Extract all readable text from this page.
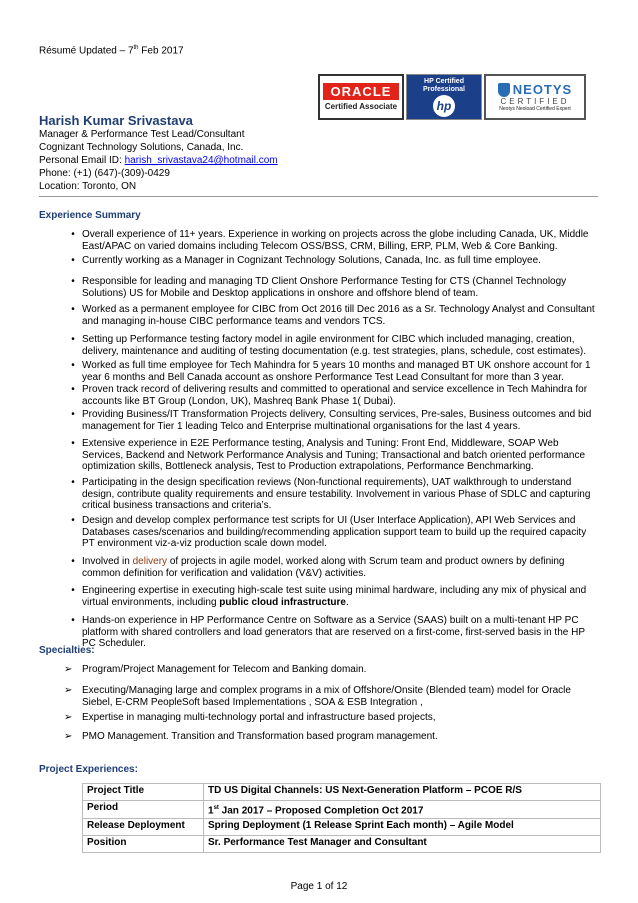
Résumé Updated – 7th Feb 2017
ORACLE
Certified Associate
HP Certified
Professional
hp
NEOTYS
CERTIFIED
Neotys Neoload Certified Expert
Harish Kumar Srivastava
Manager & Performance Test Lead/Consultant
Cognizant Technology Solutions, Canada, Inc.
Personal Email ID: harish_srivastava24@hotmail.com
Phone: (+1) (647)-(309)-0429
Location: Toronto, ON
Experience Summary
• Overall experience of 11+ years. Experience in working on projects across the globe including Canada, UK, Middle East/APAC on varied domains including Telecom OSS/BSS, CRM, Billing, ERP, PLM, Web & Core Banking.
• Currently working as a Manager in Cognizant Technology Solutions, Canada, Inc. as full time employee.
• Responsible for leading and managing TD Client Onshore Performance Testing for CTS (Channel Technology Solutions) US for Mobile and Desktop applications in onshore and offshore blend of team.
• Worked as a permanent employee for CIBC from Oct 2016 till Dec 2016 as a Sr. Technology Analyst and Consultant and managing in-house CIBC performance teams and vendors TCS.
• Setting up Performance testing factory model in agile environment for CIBC which included managing, creation, delivery, maintenance and auditing of testing documentation (e.g. test strategies, plans, schedule, cost estimates).
• Worked as full time employee for Tech Mahindra for 5 years 10 months and managed BT UK onshore account for 1 year 6 months and Bell Canada account as onshore Performance Test Lead Consultant for more than 3 year.
• Proven track record of delivering results and committed to operational and service excellence in Tech Mahindra for accounts like BT Group (London, UK), Mashreq Bank Phase 1( Dubai).
• Providing Business/IT Transformation Projects delivery, Consulting services, Pre-sales, Business outcomes and bid management for Tier 1 leading Telco and Enterprise multinational organisations for the last 4 years.
• Extensive experience in E2E Performance testing, Analysis and Tuning: Front End, Middleware, SOAP Web Services, Backend and Network Performance Analysis and Tuning; Transactional and batch oriented performance optimization skills, Bottleneck analysis, Test to Production extrapolations, Performance Benchmarking.
• Participating in the design specification reviews (Non-functional requirements), UAT walkthrough to understand design, contribute quality requirements and ensure testability. Involvement in various Phase of SDLC and capturing critical business transactions and criteria’s.
• Design and develop complex performance test scripts for UI (User Interface Application), API Web Services and Databases cases/scenarios and building/recommending application support team to build up the required capacity PT environment viz-a-viz production scale down model.
• Involved in delivery of projects in agile model, worked along with Scrum team and product owners by defining common definition for verification and validation (V&V) activities.
• Engineering expertise in executing high-scale test suite using minimal hardware, including any mix of physical and virtual environments, including public cloud infrastructure.
• Hands-on experience in HP Performance Centre on Software as a Service (SAAS) built on a multi-tenant HP PC platform with shared controllers and load generators that are reserved on a first-come, first-served basis in the HP PC Scheduler.
Specialties:
➢ Program/Project Management for Telecom and Banking domain.
➢ Executing/Managing large and complex programs in a mix of Offshore/Onsite (Blended team) model for Oracle Siebel, E-CRM PeopleSoft based Implementations , SOA & ESB Integration ,
➢ Expertise in managing multi-technology portal and infrastructure based projects,
➢ PMO Management. Transition and Transformation based program management.
Project Experiences:
Project Title	TD US Digital Channels: US Next-Generation Platform – PCOE R/S
Period	1st Jan 2017 – Proposed Completion Oct 2017
Release Deployment	Spring Deployment (1 Release Sprint Each month) – Agile Model
Position	Sr. Performance Test Manager and Consultant
Page 1 of 12
